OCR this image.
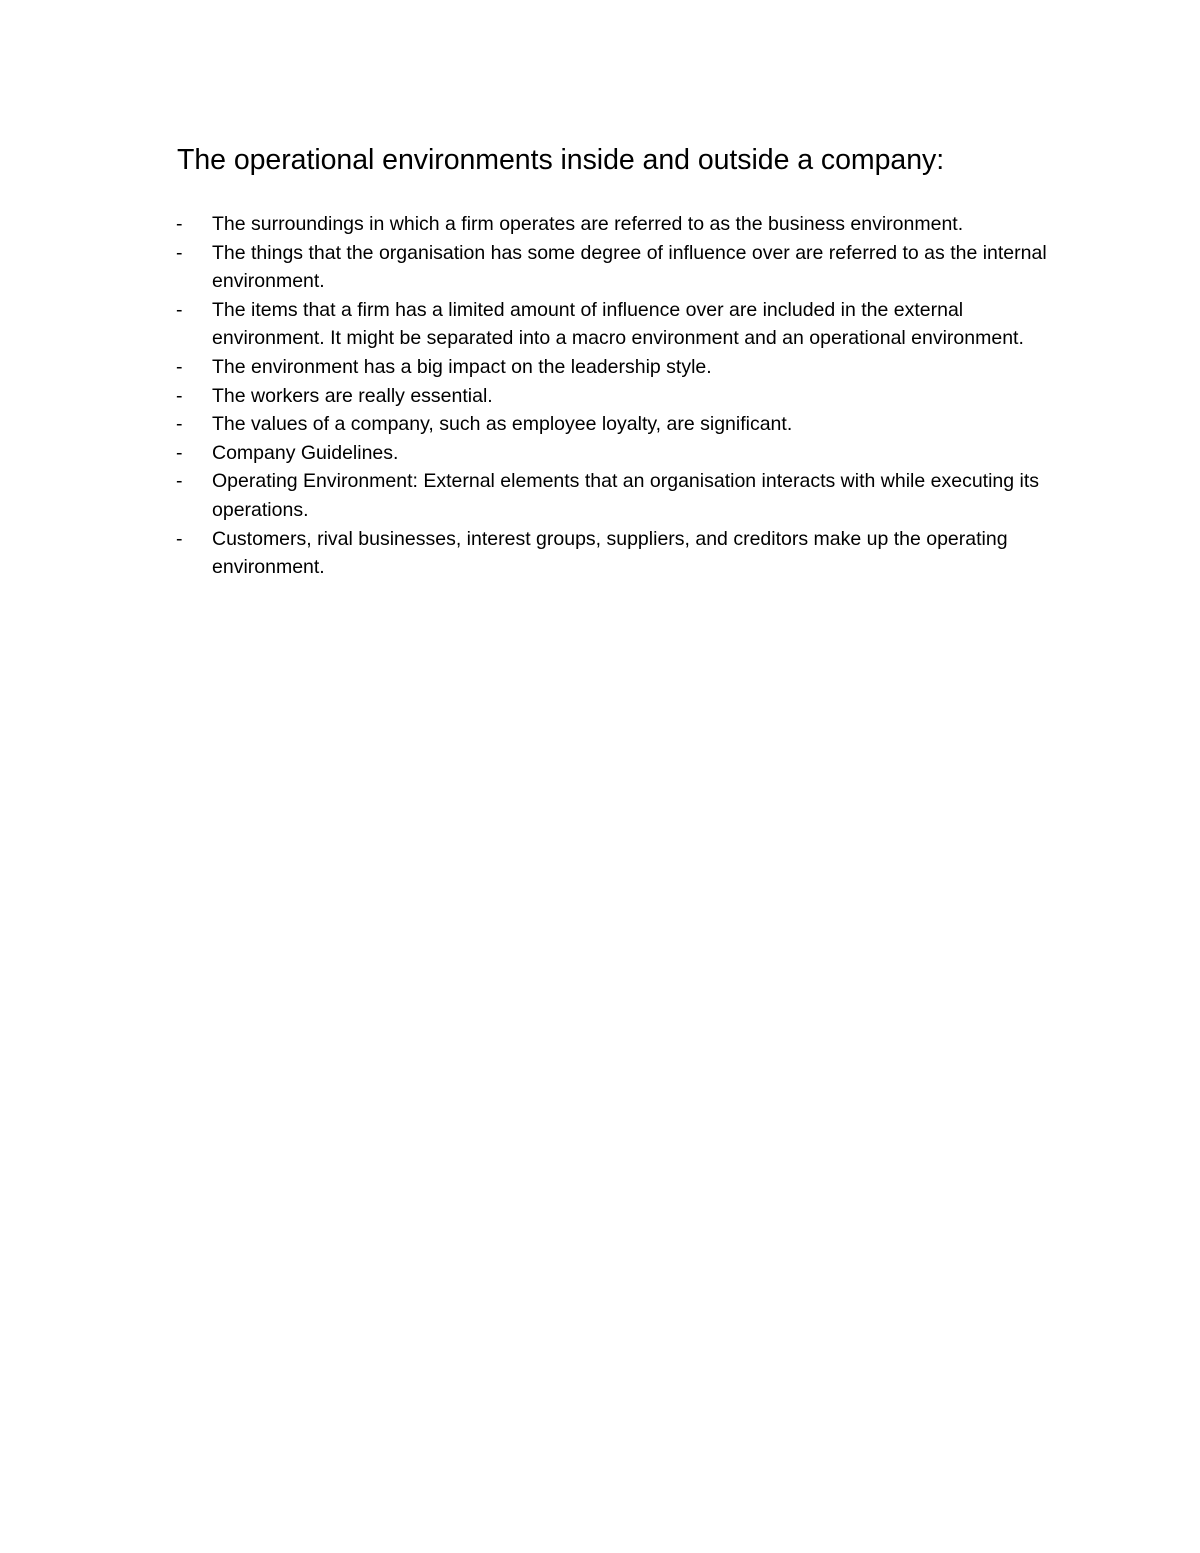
The operational environments inside and outside a company:
-	The surroundings in which a firm operates are referred to as the business environment.
-	The things that the organisation has some degree of influence over are referred to as the internal environment.
-	The items that a firm has a limited amount of influence over are included in the external environment. It might be separated into a macro environment and an operational environment.
-	The environment has a big impact on the leadership style.
-	The workers are really essential.
-	The values of a company, such as employee loyalty, are significant.
-	Company Guidelines.
-	Operating Environment: External elements that an organisation interacts with while executing its operations.
-	Customers, rival businesses, interest groups, suppliers, and creditors make up the operating environment.
